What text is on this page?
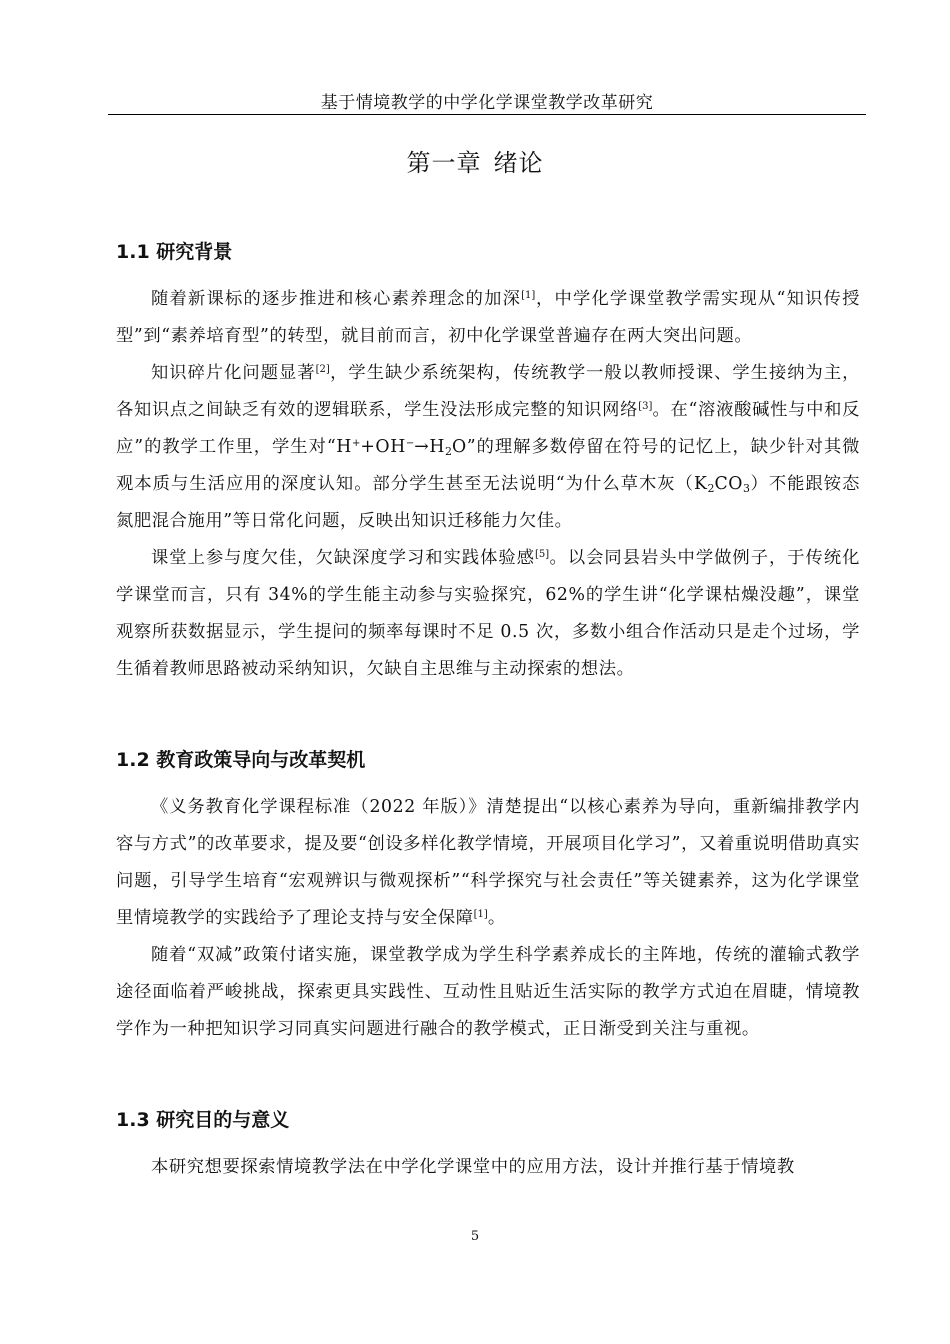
基于情境教学的中学化学课堂教学改革研究
第一章 绪论
1.1 研究背景

随着新课标的逐步推进和核心素养理念的加深[1]，中学化学课堂教学需实现从“知识传授型”到“素养培育型”的转型，就目前而言，初中化学课堂普遍存在两大突出问题。

知识碎片化问题显著[2]，学生缺少系统架构，传统教学一般以教师授课、学生接纳为主，各知识点之间缺乏有效的逻辑联系，学生没法形成完整的知识网络[3]。在“溶液酸碱性与中和反应”的教学工作里，学生对“$H^++OH^-\to H_2O$”的理解多数停留在符号的记忆上，缺少针对其微观本质与生活应用的深度认知。部分学生甚至无法说明“为什么草木灰$(K_2CO_3)$不能跟铵态氮肥混合施用”等日常化问题，反映出知识迁移能力欠佳。

课堂上参与度欠佳，欠缺深度学习和实践体验感[5]。以会同县岩头中学做例子，于传统化学课堂而言，只有 34%的学生能主动参与实验探究，62%的学生讲“化学课枯燥没趣”，课堂观察所获数据显示，学生提问的频率每课时不足 0.5 次，多数小组合作活动只是走个过场，学生循着教师思路被动采纳知识，欠缺自主思维与主动探索的想法。

1.2 教育政策导向与改革契机

《义务教育化学课程标准（2022 年版）》清楚提出“以核心素养为导向，重新编排教学内容与方式”的改革要求，提及要“创设多样化教学情境，开展项目化学习”，又着重说明借助真实问题，引导学生培育“宏观辨识与微观探析”“科学探究与社会责任”等关键素养，这为化学课堂里情境教学的实践给予了理论支持与安全保障[1]。

随着“双减”政策付诸实施，课堂教学成为学生科学素养成长的主阵地，传统的灌输式教学途径面临着严峻挑战，探索更具实践性、互动性且贴近生活实际的教学方式迫在眉睫，情境教学作为一种把知识学习同真实问题进行融合的教学模式，正日渐受到关注与重视。

1.3 研究目的与意义

本研究想要探索情境教学法在中学化学课堂中的应用方法，设计并推行基于情境教

5
